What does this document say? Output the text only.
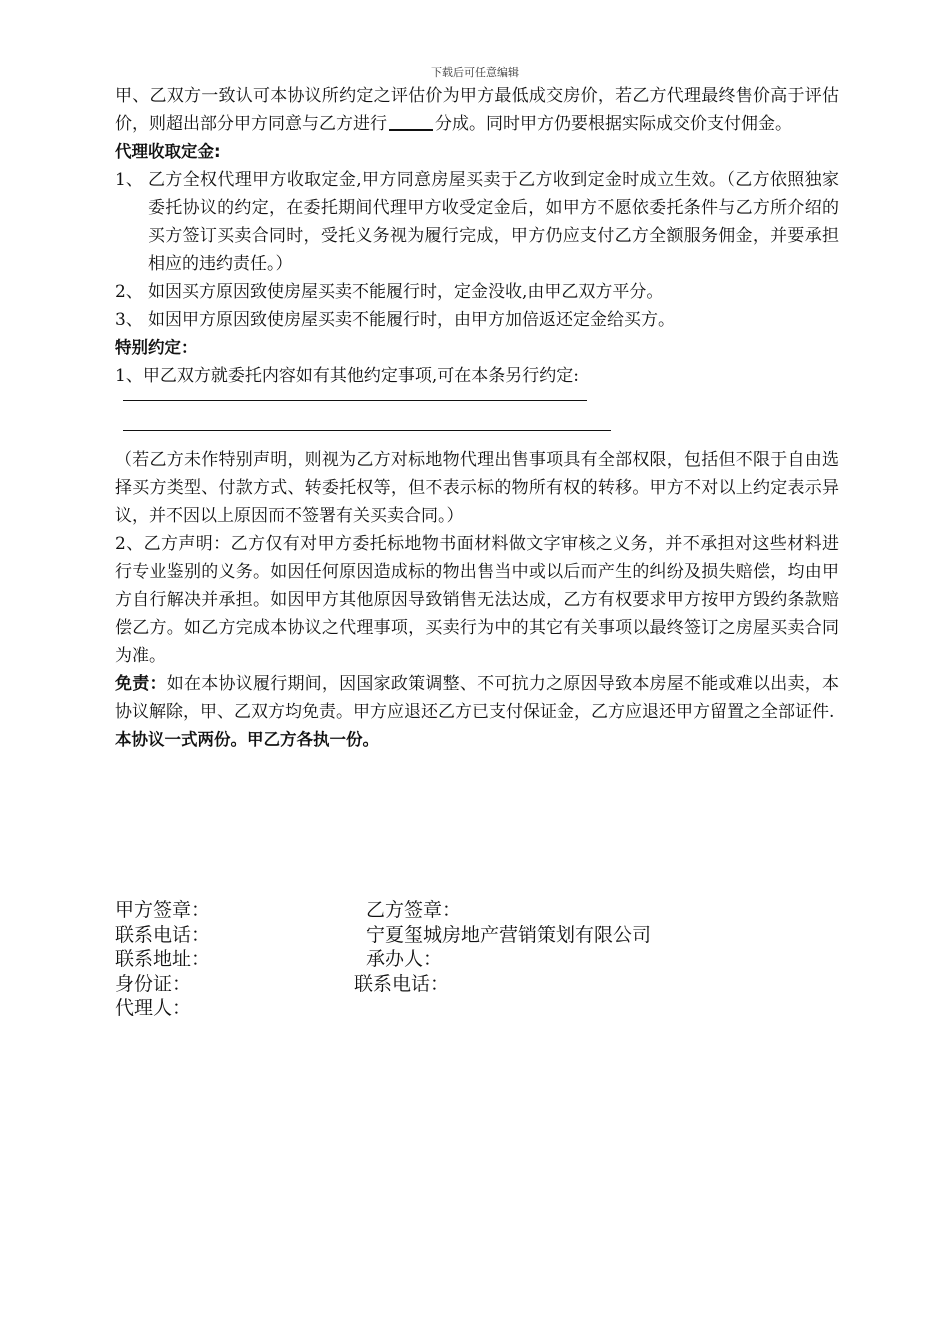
下载后可任意编辑

甲、乙双方一致认可本协议所约定之评估价为甲方最低成交房价，若乙方代理最终售价高于评估价，则超出部分甲方同意与乙方进行	分成。同时甲方仍要根据实际成交价支付佣金。

代理收取定金:

1、 乙方全权代理甲方收取定金,甲方同意房屋买卖于乙方收到定金时成立生效。（乙方依照独家委托协议的约定，在委托期间代理甲方收受定金后，如甲方不愿依委托条件与乙方所介绍的买方签订买卖合同时，受托义务视为履行完成，甲方仍应支付乙方全额服务佣金，并要承担相应的违约责任。）
2、 如因买方原因致使房屋买卖不能履行时，定金没收,由甲乙双方平分。
3、 如因甲方原因致使房屋买卖不能履行时，由甲方加倍返还定金给买方。

特别约定：

1、甲乙双方就委托内容如有其他约定事项,可在本条另行约定:

（若乙方未作特别声明，则视为乙方对标地物代理出售事项具有全部权限，包括但不限于自由选择买方类型、付款方式、转委托权等，但不表示标的物所有权的转移。甲方不对以上约定表示异议，并不因以上原因而不签署有关买卖合同。）

2、乙方声明：乙方仅有对甲方委托标地物书面材料做文字审核之义务，并不承担对这些材料进行专业鉴别的义务。如因任何原因造成标的物出售当中或以后而产生的纠纷及损失赔偿，均由甲方自行解决并承担。如因甲方其他原因导致销售无法达成，乙方有权要求甲方按甲方毁约条款赔偿乙方。如乙方完成本协议之代理事项，买卖行为中的其它有关事项以最终签订之房屋买卖合同为准。

免责：如在本协议履行期间，因国家政策调整、不可抗力之原因导致本房屋不能或难以出卖，本协议解除，甲、乙双方均免责。甲方应退还乙方已支付保证金，乙方应退还甲方留置之全部证件.

本协议一式两份。甲乙方各执一份。

甲方签章：	乙方签章：
联系电话：	宁夏玺城房地产营销策划有限公司
联系地址：	承办人：
身份证：	联系电话：
代理人：
